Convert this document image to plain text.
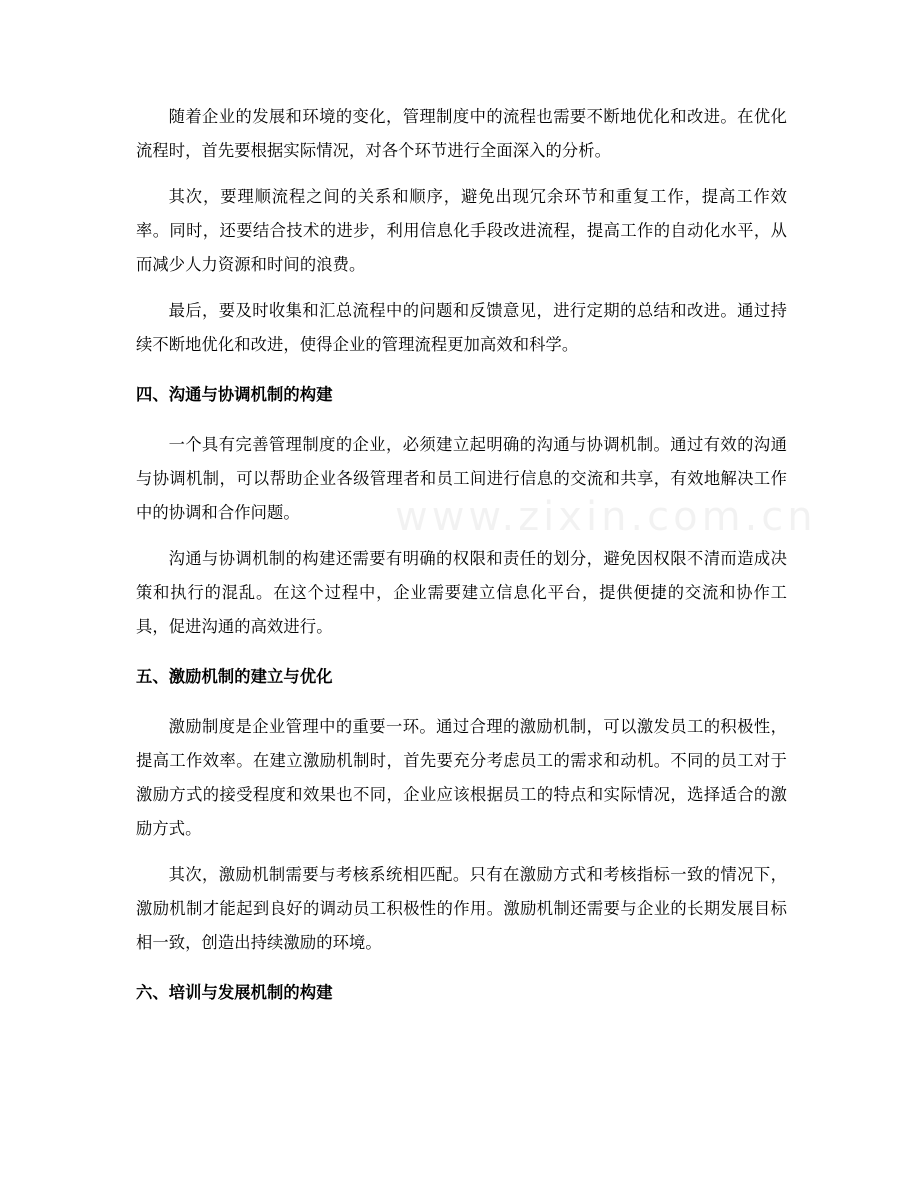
www.zixin.com.cn

随着企业的发展和环境的变化，管理制度中的流程也需要不断地优化和改进。在优化流程时，首先要根据实际情况，对各个环节进行全面深入的分析。

其次，要理顺流程之间的关系和顺序，避免出现冗余环节和重复工作，提高工作效率。同时，还要结合技术的进步，利用信息化手段改进流程，提高工作的自动化水平，从而减少人力资源和时间的浪费。

最后，要及时收集和汇总流程中的问题和反馈意见，进行定期的总结和改进。通过持续不断地优化和改进，使得企业的管理流程更加高效和科学。

四、沟通与协调机制的构建

一个具有完善管理制度的企业，必须建立起明确的沟通与协调机制。通过有效的沟通与协调机制，可以帮助企业各级管理者和员工间进行信息的交流和共享，有效地解决工作中的协调和合作问题。

沟通与协调机制的构建还需要有明确的权限和责任的划分，避免因权限不清而造成决策和执行的混乱。在这个过程中，企业需要建立信息化平台，提供便捷的交流和协作工具，促进沟通的高效进行。

五、激励机制的建立与优化

激励制度是企业管理中的重要一环。通过合理的激励机制，可以激发员工的积极性，提高工作效率。在建立激励机制时，首先要充分考虑员工的需求和动机。不同的员工对于激励方式的接受程度和效果也不同，企业应该根据员工的特点和实际情况，选择适合的激励方式。

其次，激励机制需要与考核系统相匹配。只有在激励方式和考核指标一致的情况下，激励机制才能起到良好的调动员工积极性的作用。激励机制还需要与企业的长期发展目标相一致，创造出持续激励的环境。

六、培训与发展机制的构建
